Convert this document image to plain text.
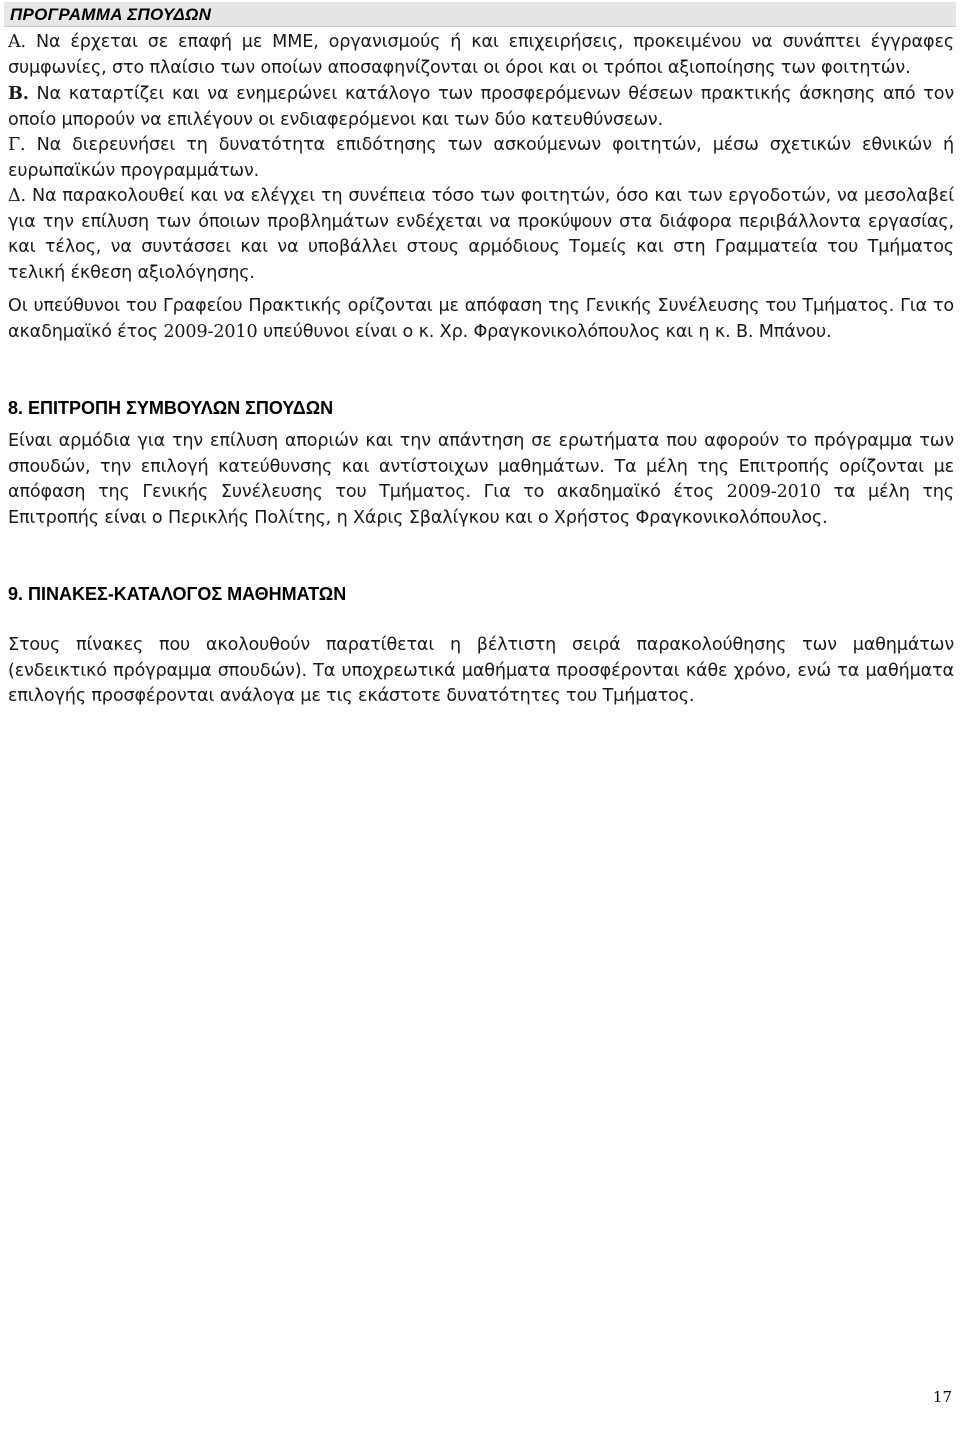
ΠΡΟΓΡΑΜΜΑ ΣΠΟΥΔΩΝ

Α. Να έρχεται σε επαφή με ΜΜΕ, οργανισμούς ή και επιχειρήσεις, προκειμένου να συνάπτει έγγραφες συμφωνίες, στο πλαίσιο των οποίων αποσαφηνίζονται οι όροι και οι τρόποι αξιοποίησης των φοιτητών.

Β. Να καταρτίζει και να ενημερώνει κατάλογο των προσφερόμενων θέσεων πρακτικής άσκησης από τον οποίο μπορούν να επιλέγουν οι ενδιαφερόμενοι και των δύο κατευθύνσεων.

Γ. Να διερευνήσει τη δυνατότητα επιδότησης των ασκούμενων φοιτητών, μέσω σχετικών εθνικών ή ευρωπαϊκών προγραμμάτων.

Δ. Να παρακολουθεί και να ελέγχει τη συνέπεια τόσο των φοιτητών, όσο και των εργοδοτών, να μεσολαβεί για την επίλυση των όποιων προβλημάτων ενδέχεται να προκύψουν στα διάφορα περιβάλλοντα εργασίας, και τέλος, να συντάσσει και να υποβάλλει στους αρμόδιους Τομείς και στη Γραμματεία του Τμήματος τελική έκθεση αξιολόγησης.

Οι υπεύθυνοι του Γραφείου Πρακτικής ορίζονται με απόφαση της Γενικής Συνέλευσης του Τμήματος. Για το ακαδημαϊκό έτος 2009-2010 υπεύθυνοι είναι ο κ. Χρ. Φραγκονικολόπουλος και η κ. Β. Μπάνου.

8. ΕΠΙΤΡΟΠΗ ΣΥΜΒΟΥΛΩΝ ΣΠΟΥΔΩΝ

Είναι αρμόδια για την επίλυση αποριών και την απάντηση σε ερωτήματα που αφορούν το πρόγραμμα των σπουδών, την επιλογή κατεύθυνσης και αντίστοιχων μαθημάτων. Τα μέλη της Επιτροπής ορίζονται με απόφαση της Γενικής Συνέλευσης του Τμήματος. Για το ακαδημαϊκό έτος 2009-2010 τα μέλη της Επιτροπής είναι ο Περικλής Πολίτης, η Χάρις Σβαλίγκου και ο Χρήστος Φραγκονικολόπουλος.

9. ΠΙΝΑΚΕΣ-ΚΑΤΑΛΟΓΟΣ ΜΑΘΗΜΑΤΩΝ

Στους πίνακες που ακολουθούν παρατίθεται η βέλτιστη σειρά παρακολούθησης των μαθημάτων (ενδεικτικό πρόγραμμα σπουδών). Τα υποχρεωτικά μαθήματα προσφέρονται κάθε χρόνο, ενώ τα μαθήματα επιλογής προσφέρονται ανάλογα με τις εκάστοτε δυνατότητες του Τμήματος.

17
